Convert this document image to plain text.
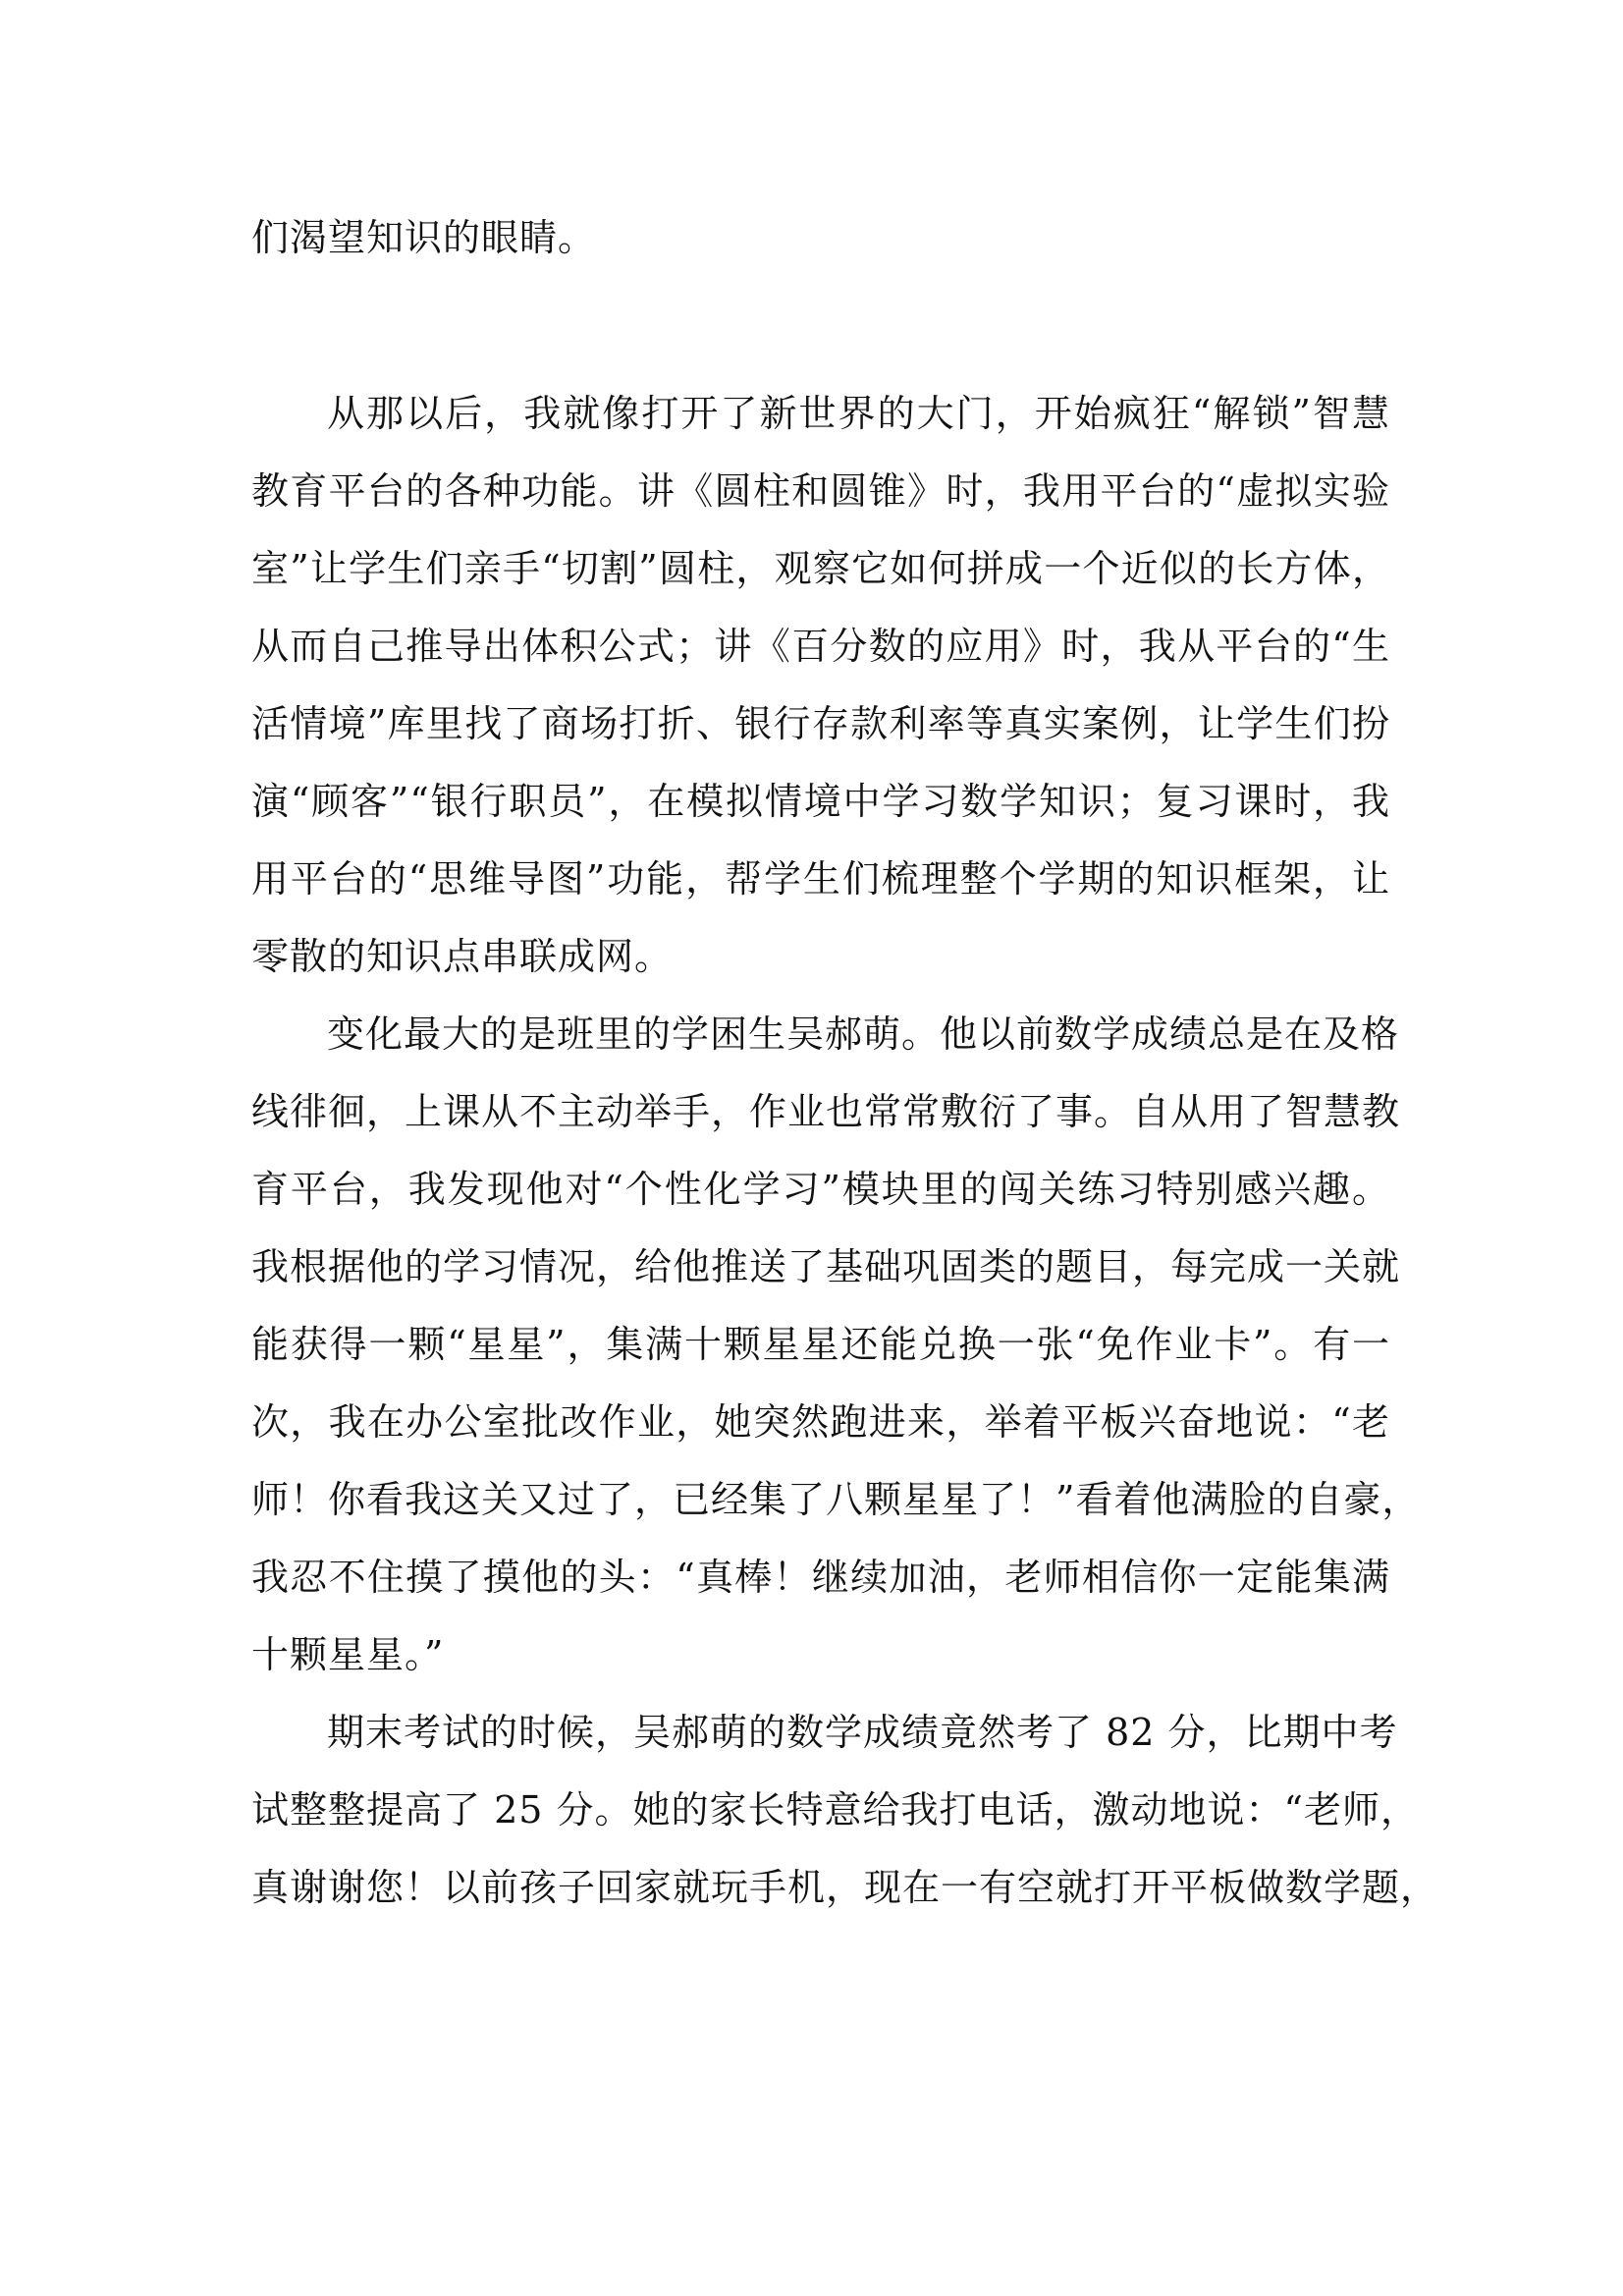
们渴望知识的眼睛。
从那以后，我就像打开了新世界的大门，开始疯狂“解锁”智慧
教育平台的各种功能。讲《圆柱和圆锥》时，我用平台的“虚拟实验
室”让学生们亲手“切割”圆柱，观察它如何拼成一个近似的长方体，
从而自己推导出体积公式；讲《百分数的应用》时，我从平台的“生
活情境”库里找了商场打折、银行存款利率等真实案例，让学生们扮
演“顾客”“银行职员”，在模拟情境中学习数学知识；复习课时，我
用平台的“思维导图”功能，帮学生们梳理整个学期的知识框架，让
零散的知识点串联成网。
变化最大的是班里的学困生吴郝萌。他以前数学成绩总是在及格
线徘徊，上课从不主动举手，作业也常常敷衍了事。自从用了智慧教
育平台，我发现他对“个性化学习”模块里的闯关练习特别感兴趣。
我根据他的学习情况，给他推送了基础巩固类的题目，每完成一关就
能获得一颗“星星”，集满十颗星星还能兑换一张“免作业卡”。有一
次，我在办公室批改作业，她突然跑进来，举着平板兴奋地说：“老
师！你看我这关又过了，已经集了八颗星星了！”看着他满脸的自豪，
我忍不住摸了摸他的头：“真棒！继续加油，老师相信你一定能集满
十颗星星。”
期末考试的时候，吴郝萌的数学成绩竟然考了 82 分，比期中考
试整整提高了 25 分。她的家长特意给我打电话，激动地说：“老师，
真谢谢您！以前孩子回家就玩手机，现在一有空就打开平板做数学题，
